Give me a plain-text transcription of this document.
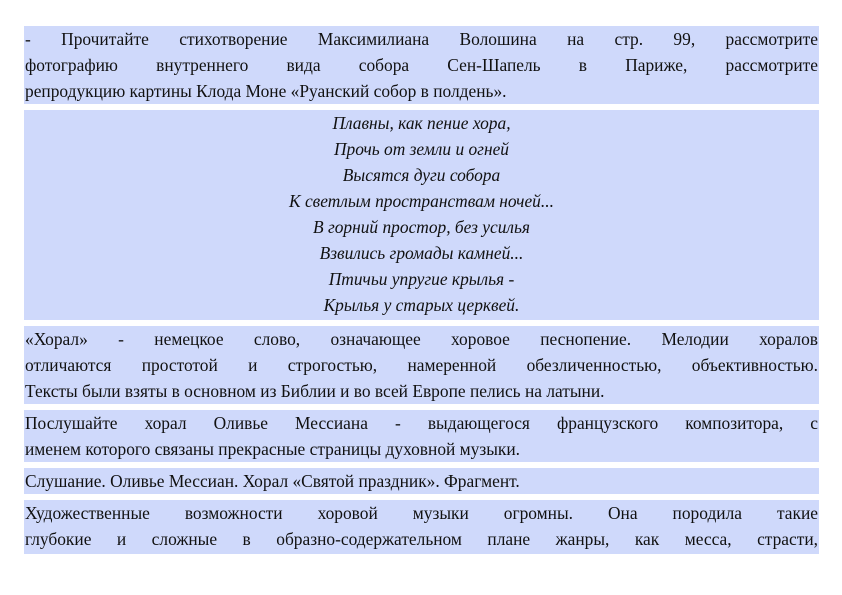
- Прочитайте стихотворение Максимилиана Волошина на стр. 99, рассмотрите
фотографию внутреннего вида собора Сен-Шапель в Париже, рассмотрите
репродукцию картины Клода Моне «Руанский собор в полдень».
Плавны, как пение хора,
Прочь от земли и огней
Высятся дуги собора
К светлым пространствам ночей...
В горний простор, без усилья
Взвились громады камней...
Птичьи упругие крылья -
Крылья у старых церквей.
«Хорал» - немецкое слово, означающее хоровое песнопение. Мелодии хоралов
отличаются простотой и строгостью, намеренной обезличенностью, объективностью.
Тексты были взяты в основном из Библии и во всей Европе пелись на латыни.
Послушайте хорал Оливье Мессиана - выдающегося французского композитора, с
именем которого связаны прекрасные страницы духовной музыки.
Слушание. Оливье Мессиан. Хорал «Святой праздник». Фрагмент.
Художественные возможности хоровой музыки огромны. Она породила такие
глубокие и сложные в образно-содержательном плане жанры, как месса, страсти,
